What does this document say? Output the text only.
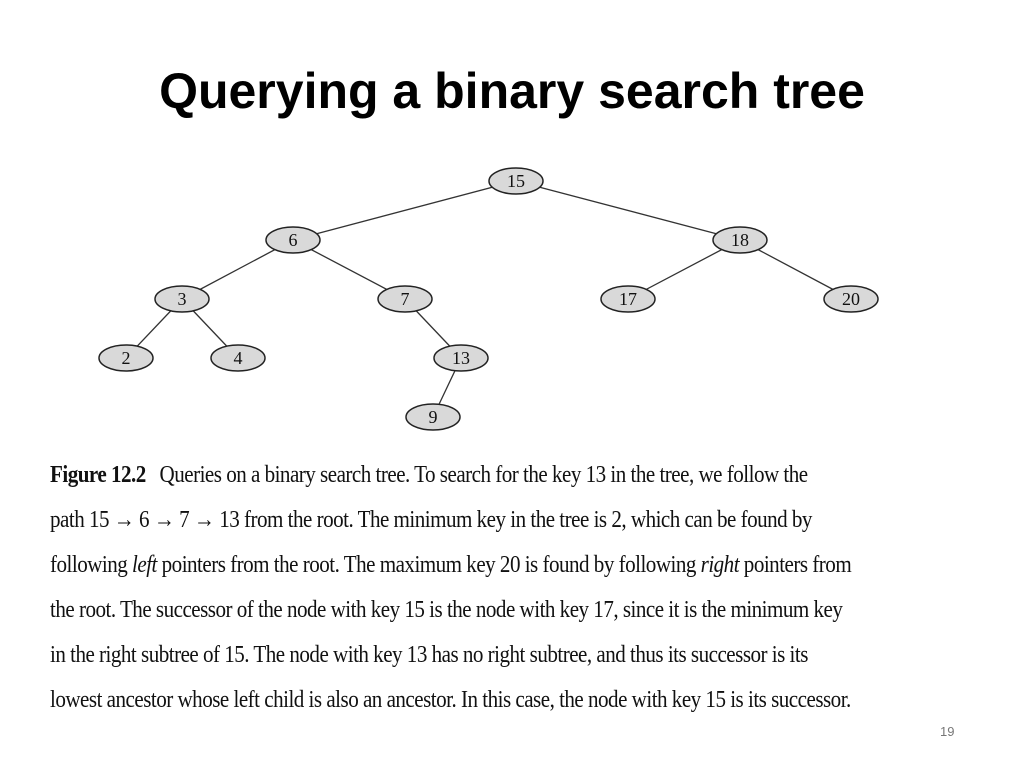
Querying a binary search tree
15
6	18
3	7	17	20
2	4	13
9
Figure 12.2 Queries on a binary search tree. To search for the key 13 in the tree, we follow the
path 15 → 6 → 7 → 13 from the root. The minimum key in the tree is 2, which can be found by
following left pointers from the root. The maximum key 20 is found by following right pointers from
the root. The successor of the node with key 15 is the node with key 17, since it is the minimum key
in the right subtree of 15. The node with key 13 has no right subtree, and thus its successor is its
lowest ancestor whose left child is also an ancestor. In this case, the node with key 15 is its successor.
19
